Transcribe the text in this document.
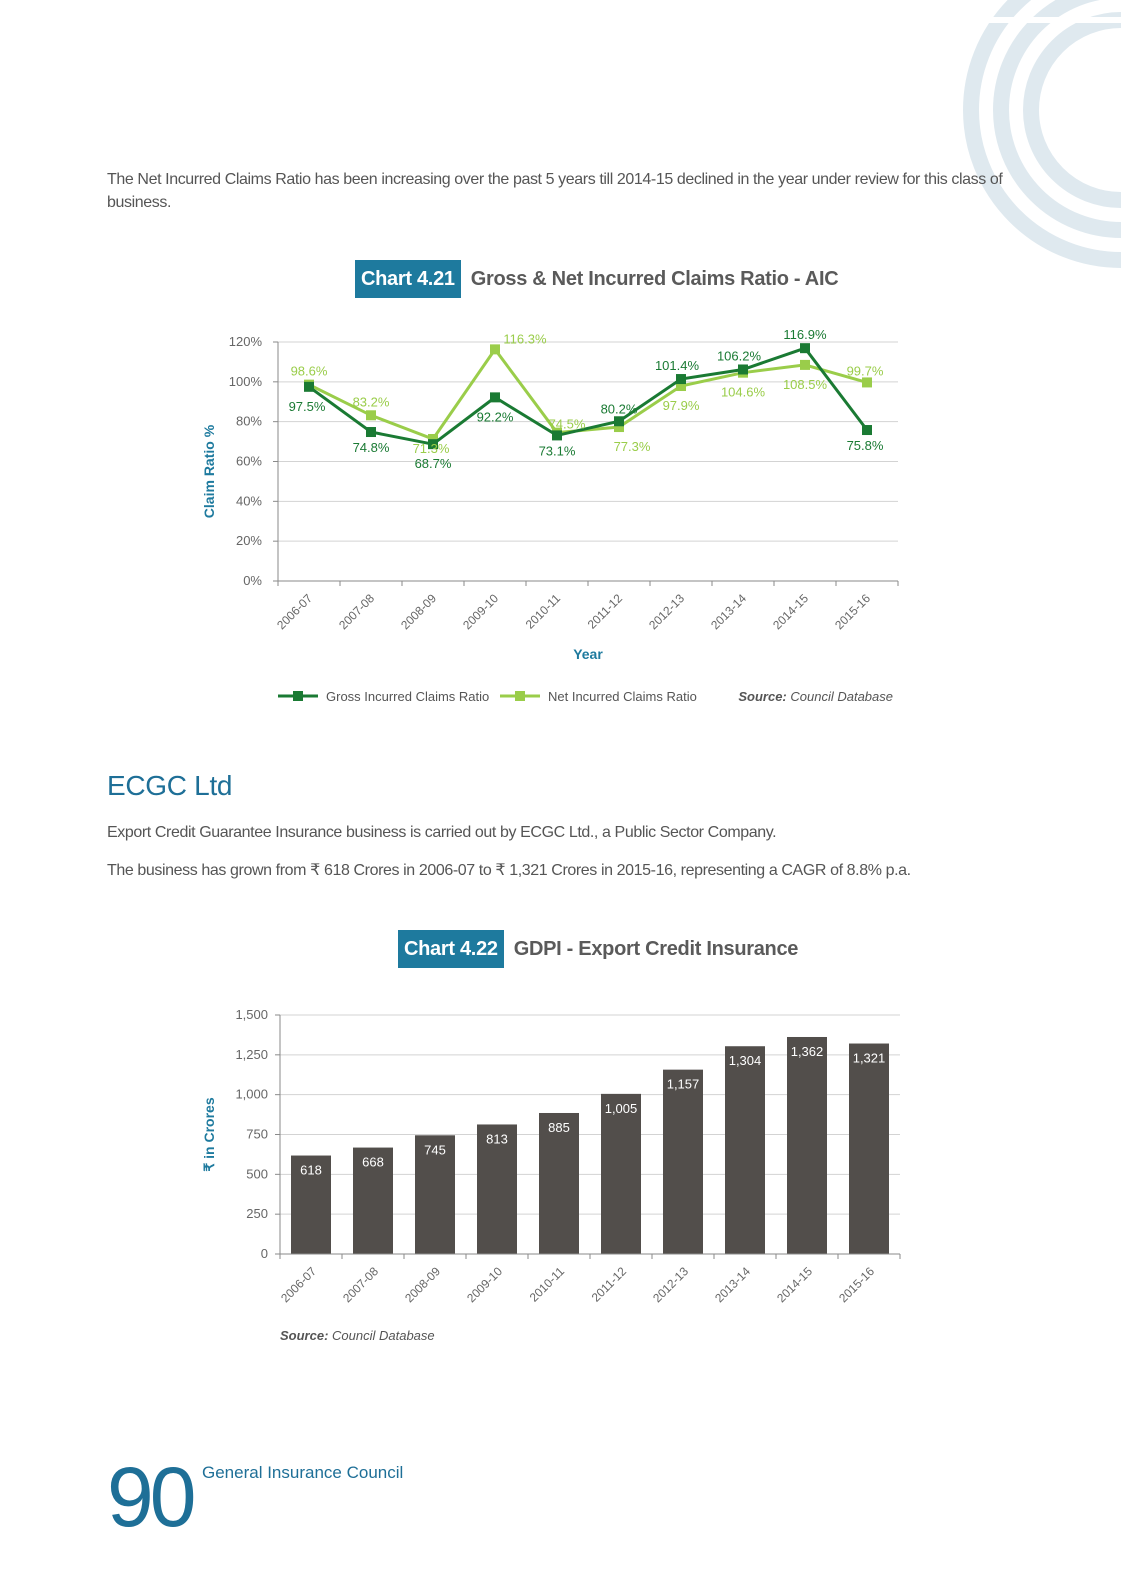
The Net Incurred Claims Ratio has been increasing over the past 5 years till 2014-15 declined in the year under review for this class of business.

Chart 4.21 Gross & Net Incurred Claims Ratio - AIC
0%
20%
40%
60%
80%
100%
120%
2006-07 2007-08 2008-09 2009-10 2010-11 2011-12 2012-13 2013-14 2014-15 2015-16
Year
Claim Ratio %
98.6%
83.2%
71.3%
116.3%
74.5%
77.3%
97.9%
104.6%
108.5%
99.7%
97.5%
74.8%
68.7%
92.2%
73.1%
80.2%
101.4%
106.2%
116.9%
75.8%
Gross Incurred Claims Ratio	Net Incurred Claims Ratio	Source: Council Database
ECGC Ltd

Export Credit Guarantee Insurance business is carried out by ECGC Ltd., a Public Sector Company.

The business has grown from ₹ 618 Crores in 2006-07 to ₹ 1,321 Crores in 2015-16, representing a CAGR of 8.8% p.a.

Chart 4.22 GDPI - Export Credit Insurance
0
250
500
750
1,000
1,250
1,500
618
668
745
813
885
1,005
1,157
1,304
1,362 1,321
2006-07 2007-08 2008-09 2009-10 2010-11 2011-12 2012-13 2013-14 2014-15 2015-16
₹ in Crores
Source: Council Database
90 General Insurance Council
